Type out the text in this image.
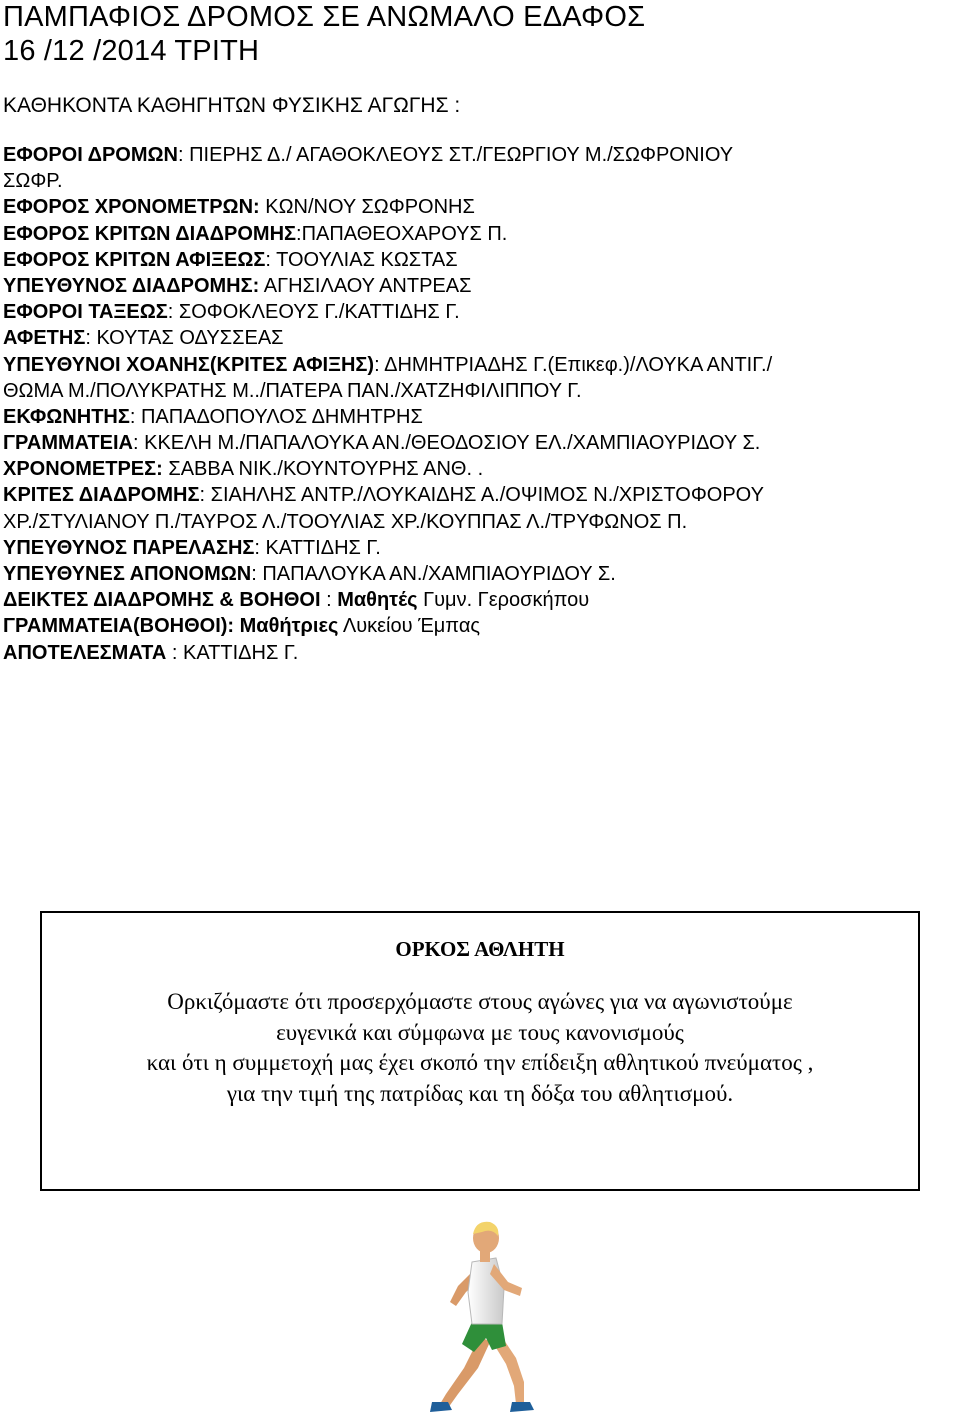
ΠΑΜΠΑΦΙΟΣ ΔΡΟΜΟΣ ΣΕ ΑΝΩΜΑΛΟ ΕΔΑΦΟΣ
16 /12 /2014 ΤΡΙΤΗ
ΚΑΘΗΚΟΝΤΑ ΚΑΘΗΓΗΤΩΝ ΦΥΣΙΚΗΣ ΑΓΩΓΗΣ :
ΕΦΟΡΟΙ ΔΡΟΜΩΝ: ΠΙΕΡΗΣ Δ./ ΑΓΑΘΟΚΛΕΟΥΣ ΣΤ./ΓΕΩΡΓΙΟΥ Μ./ΣΩΦΡΟΝΙΟΥ
ΣΩΦΡ.
ΕΦΟΡΟΣ ΧΡΟΝΟΜΕΤΡΩΝ: ΚΩΝ/ΝΟΥ ΣΩΦΡΟΝΗΣ
ΕΦΟΡΟΣ ΚΡΙΤΩΝ ΔΙΑΔΡΟΜΗΣ:ΠΑΠΑΘΕΟΧΑΡΟΥΣ Π.
ΕΦΟΡΟΣ ΚΡΙΤΩΝ ΑΦΙΞΕΩΣ: ΤΟΟΥΛΙΑΣ ΚΩΣΤΑΣ
ΥΠΕΥΘΥΝΟΣ ΔΙΑΔΡΟΜΗΣ: ΑΓΗΣΙΛΑΟΥ ΑΝΤΡΕΑΣ
ΕΦΟΡΟΙ ΤΑΞΕΩΣ: ΣΟΦΟΚΛΕΟΥΣ Γ./ΚΑΤΤΙΔΗΣ Γ.
ΑΦΕΤΗΣ: ΚΟΥΤΑΣ ΟΔΥΣΣΕΑΣ
ΥΠΕΥΘΥΝΟΙ ΧΟΑΝΗΣ(ΚΡΙΤΕΣ ΑΦΙΞΗΣ): ΔΗΜΗΤΡΙΑΔΗΣ Γ.(Επικεφ.)/ΛΟΥΚΑ ΑΝΤΙΓ./
ΘΩΜΑ Μ./ΠΟΛΥΚΡΑΤΗΣ Μ../ΠΑΤΕΡΑ ΠΑΝ./ΧΑΤΖΗΦΙΛΙΠΠΟΥ Γ.
ΕΚΦΩΝΗΤΗΣ: ΠΑΠΑΔΟΠΟΥΛΟΣ ΔΗΜΗΤΡΗΣ
ΓΡΑΜΜΑΤΕΙΑ: ΚΚΕΛΗ Μ./ΠΑΠΑΛΟΥΚΑ ΑΝ./ΘΕΟΔΟΣΙΟΥ ΕΛ./ΧΑΜΠΙΑΟΥΡΙΔΟΥ Σ.
ΧΡΟΝΟΜΕΤΡΕΣ: ΣΑΒΒΑ ΝΙΚ./ΚΟΥΝΤΟΥΡΗΣ ΑΝΘ. .
ΚΡΙΤΕΣ ΔΙΑΔΡΟΜΗΣ: ΣΙΑΗΛΗΣ ΑΝΤΡ./ΛΟΥΚΑΙΔΗΣ Α./ΟΨΙΜΟΣ Ν./ΧΡΙΣΤΟΦΟΡΟΥ
ΧΡ./ΣΤΥΛΙΑΝΟΥ Π./ΤΑΥΡΟΣ Λ./ΤΟΟΥΛΙΑΣ ΧΡ./ΚΟΥΠΠΑΣ Λ./ΤΡΥΦΩΝΟΣ Π.
ΥΠΕΥΘΥΝΟΣ ΠΑΡΕΛΑΣΗΣ: ΚΑΤΤΙΔΗΣ Γ.
ΥΠΕΥΘΥΝΕΣ ΑΠΟΝΟΜΩΝ: ΠΑΠΑΛΟΥΚΑ ΑΝ./ΧΑΜΠΙΑΟΥΡΙΔΟΥ Σ.
ΔΕΙΚΤΕΣ ΔΙΑΔΡΟΜΗΣ & ΒΟΗΘΟΙ : Μαθητές Γυμν. Γεροσκήπου
ΓΡΑΜΜΑΤΕΙΑ(ΒΟΗΘΟΙ): Μαθήτριες Λυκείου Έμπας
ΑΠΟΤΕΛΕΣΜΑΤΑ : ΚΑΤΤΙΔΗΣ Γ.
ΟΡΚΟΣ ΑΘΛΗΤΗ
Ορκιζόμαστε ότι προσερχόμαστε στους αγώνες για να αγωνιστούμε
ευγενικά και σύμφωνα με τους κανονισμούς
και ότι η συμμετοχή μας έχει σκοπό την επίδειξη αθλητικού πνεύματος ,
για την τιμή της πατρίδας και τη δόξα του αθλητισμού.
